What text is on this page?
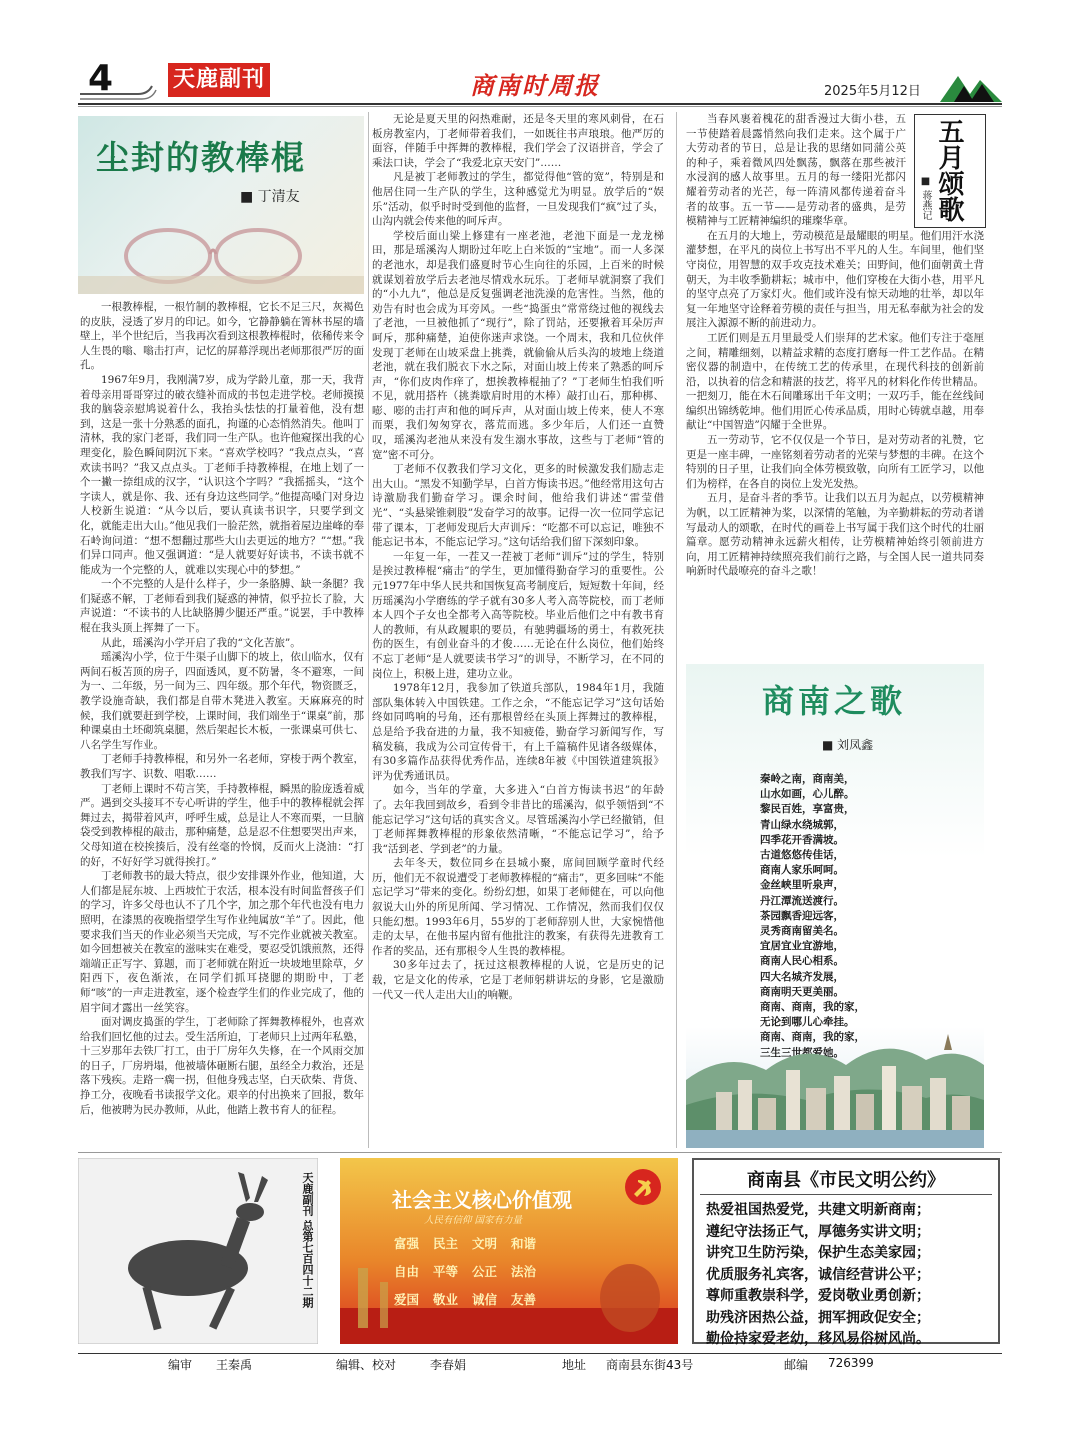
4	天鹿副刊	商南时周报	2025年5月12日
尘封的教棒棍
■ 丁清友

一根教棒棍，一根竹制的教棒棍，它长不足三尺，灰褐色的皮肤，浸透了岁月的印记。如今，它静静躺在箐林书屋的墙壁上，半个世纪后，当我再次看到这根教棒棍时，依稀传来令人生畏的嗡、嗡击打声，记忆的屏幕浮现出老师那很严厉的面孔。

1967年9月，我刚满7岁，成为学龄儿童，那一天，我背着母亲用哥哥穿过的破衣缝补而成的书包走进学校。老师摸摸我的脑袋亲慰鸠说着什么，我抬头怯怯的打量着他，没有想到，这是一张十分熟悉的面孔，拘谨的心态悄然消失。他叫丁清林，我的家门老哥，我们同一生产队。也许他窥探出我的心理变化，脸色瞬间阴沉下来。“喜欢学校吗？”我点点头，“喜欢读书吗？”我又点点头。丁老师手持教棒棍，在地上划了一个一撇一捺组成的汉字，“认识这个字吗？”我摇摇头，“这个字读人，就是你、我、还有身边这些同学。”他提高嗓门对身边人校新生说道：“从今以后，要认真读书识字，只要学到文化，就能走出大山。”他见我们一脸茫然，就指着屋边崖峰的奉石岭询问道：“想不想翻过那些大山去更远的地方？”“想。”我们异口同声。他又强调道：“是人就要好好读书，不读书就不能成为一个完整的人，就难以实现心中的梦想。”

一个不完整的人是什么样子，少一条胳膊、缺一条腿？我们疑惑不解，丁老师看到我们疑惑的神情，似乎拉长了脸，大声说道：“不读书的人比缺胳膊少腿还严重。”说罢，手中教棒棍在我头顶上挥舞了一下。

从此，瑶溪沟小学开启了我的“文化苦旅”。

瑶溪沟小学，位于牛渠子山脚下的坡上，依山临水，仅有两间石板苫顶的房子，四面透风，夏不防暑，冬不避寒，一间为一、二年级，另一间为三、四年级。那个年代，物资匮乏，教学设施奇缺，我们都是自带木凳进入教室。天麻麻亮的时候，我们就要赶到学校，上课时间，我们端坐于“课桌”前，那种课桌由土坯砌筑桌腿，然后架起长木板，一张课桌可供七、八名学生写作业。

丁老师手持教棒棍，和另外一名老师，穿梭于两个教室，教我们写字、识数、唱歌……

丁老师上课时不苟言笑，手持教棒棍，瞬黑的脸庞透着威严。遇到交头接耳不专心听讲的学生，他手中的教棒棍就会挥舞过去，揭带着风声，呼呼生威，总是让人不寒而栗，一旦脑袋受到教棒棍的敲击，那种痛楚，总是忍不住想要哭出声来，父母知道在校挨揍后，没有丝毫的怜悯，反而火上浇油：“打的好，不好好学习就得挨打。”

丁老师教书的最大特点，很少安排课外作业，他知道，大人们都是屁东坡、上西坡忙于农活，根本没有时间监督孩子们的学习，许多父母也认不了几个字，加之那个年代也没有电力照明，在漆黑的夜晚指望学生写作业纯属放“羊”了。因此，他要求我们当天的作业必须当天完成，写不完作业就被关教室。如今回想被关在教室的滋味实在难受，要忍受饥饿煎熬，还得端端正正写字、算题，而丁老师就在附近一块坡地里除草，夕阳西下，夜色渐浓，在同学们抓耳挠腮的期盼中，丁老师“咳”的一声走进教室，逐个检查学生们的作业完成了，他的眉宇间才露出一丝笑容。

面对调皮捣蛋的学生，丁老师除了挥舞教棒棍外，也喜欢给我们回忆他的过去。受生活所迫，丁老师只上过两年私塾，十三岁那年去铁厂打工，由于厂房年久失修，在一个风雨交加的日子，厂房坍塌，他被墙体砸断右腿，虽经全力救治，还是落下残疾。走路一瘸一拐，但他身残志坚，白天砍柴、背货、挣工分，夜晚看书读报学文化。艰辛的付出换来了回报，数年后，他被聘为民办教师，从此，他踏上教书育人的征程。

无论是夏天里的闷热难耐，还是冬天里的寒风刺骨，在石板房教室内，丁老师带着我们，一如既往书声琅琅。他严厉的面容，伴随手中挥舞的教棒棍，我们学会了汉语拼音，学会了乘法口诀，学会了“我爱北京天安门”……

凡是被丁老师教过的学生，都觉得他“管的宽”，特别是和他居住同一生产队的学生，这种感觉尤为明显。放学后的“娱乐”活动，似乎时时受到他的监督，一旦发现我们“疯”过了头，山沟内就会传来他的呵斥声。

学校后面山梁上修建有一座老池，老池下面是一龙龙梯田，那是瑶溪沟人期盼过年吃上白米饭的“宝地”。而一人多深的老池水，却是我们盛夏时节心生向往的乐园，上百米的时候就谋划着放学后去老池尽情戏水玩乐。丁老师早就洞察了我们的“小九九”，他总是反复强调老池洗澡的危害性。当然，他的劝告有时也会成为耳旁风。一些“捣蛋虫”常常绕过他的视线去了老池，一旦被他抓了“现行”，除了罚站，还要揪着耳朵厉声呵斥，那种痛楚，迫使你迷声求饶。一个周末，我和几位伙伴发现丁老师在山坡采盘上挑粪，就偷偷从后头沟的坡地上绕道老池，就在我们脱衣下水之际，对面山坡上传来了熟悉的呵斥声，“你们皮肉作痒了，想挨教棒棍抽了？”丁老师生怕我们听不见，就用搭杵（挑粪歇肩时用的木棒）敲打山石，那种梆、嘭、嘭的击打声和他的呵斥声，从对面山坡上传来，使人不寒而栗，我们匆匆穿衣，落荒而逃。多少年后，人们还一直赞叹，瑶溪沟老池从来没有发生溺水事故，这些与丁老师“管的宽”密不可分。

丁老师不仅教我们学习文化，更多的时候激发我们励志走出大山。“黑发不知勤学早，白首方悔读书迟。”他经常用这句古诗激励我们勤奋学习。课余时间，他给我们讲述“雷莹借光”、“头悬梁锥刺股”发奋学习的故事。记得一次一位同学忘记带了课本，丁老师发现后大声训斥：“吃都不可以忘记，唯独不能忘记书本，不能忘记学习。”这句话给我们留下深刻印象。

一年复一年，一茬又一茬被丁老师“训斥”过的学生，特别是挨过教棒棍“痛击”的学生，更加懂得勤奋学习的重要性。公元1977年中华人民共和国恢复高考制度后，短短数十年间，经历瑶溪沟小学磨练的学子就有30多人考入高等院校，而丁老师本人四个子女也全都考入高等院校。毕业后他们之中有教书育人的教师，有从政履职的要员，有驰骋疆场的勇士，有救死扶伤的医生，有创业奋斗的才俊……无论在什么岗位，他们始终不忘丁老师“是人就要读书学习”的训导，不断学习，在不同的岗位上，积极上进，建功立业。

1978年12月，我参加了铁道兵部队，1984年1月，我随部队集体转入中国铁建。工作之余，“不能忘记学习”这句话始终如同鸣响的号角，还有那根曾经在头顶上挥舞过的教棒棍，总是给予我奋进的力量，我不知疲倦，勤奋学习新闻写作，写稿发稿，我成为公司宣传骨干，有上千篇稿件见诸各级媒体，有30多篇作品获得优秀作品，连续8年被《中国铁道建筑报》评为优秀通讯员。

如今，当年的学童，大多进入“白首方悔读书迟”的年龄了。去年我回到故乡，看到令非昔比的瑶溪沟，似乎领悟到“不能忘记学习”这句话的真实含义。尽管瑶溪沟小学已经撤销，但丁老师挥舞教棒棍的形象依然清晰，“不能忘记学习”，给予我“活到老、学到老”的力量。

去年冬天，数位同乡在县城小聚，席间回顾学童时代经历，他们无不叙说遭受丁老师教棒棍的“痛击”，更多回味“不能忘记学习”带来的变化。纷纷幻想，如果丁老师健在，可以向他叙说大山外的所见所闻、学习情况、工作情况，然而我们仅仅只能幻想。1993年6月，55岁的丁老师辞别人世，大家惋惜他走的太早，在他书屋内留有他批注的教案，有获得先进教育工作者的奖品，还有那根令人生畏的教棒棍。

30多年过去了，抚过这根教棒棍的人说，它是历史的记载，它是文化的传承，它是丁老师躬耕讲坛的身影，它是激励一代又一代人走出大山的响鞭。

当春风裹着槐花的甜香漫过大街小巷，五一节使踏着晨露悄然向我们走来。这个属于广大劳动者的节日，总是让我的思绪如同蒲公英的种子，乘着微风四处飘荡，飘落在那些被汗水浸润的感人故事里。五月的每一缕阳光都闪耀着劳动者的光芒，每一阵清风都传递着奋斗者的故事。五一节——是劳动者的盛典，是劳模精神与工匠精神编织的璀璨华章。

在五月的大地上，劳动模范是最耀眼的明星。他们用汗水浇灌梦想，在平凡的岗位上书写出不平凡的人生。车间里，他们坚守岗位，用智慧的双手攻克技术难关；田野间，他们面朝黄土背朝天，为丰收季勤耕耘；城市中，他们穿梭在大街小巷，用平凡的坚守点亮了万家灯火。他们或许没有惊天动地的壮举，却以年复一年地坚守诠释着劳模的责任与担当，用无私奉献为社会的发展注入源源不断的前进动力。

工匠们则是五月里最受人们崇拜的艺术家。他们专注于毫厘之间，精雕细刻，以精益求精的态度打磨每一件工艺作品。在精密仪器的制造中，在传统工艺的传承里，在现代科技的创新前沿，以执着的信念和精湛的技艺，将平凡的材料化作传世精品。一把刻刀，能在木石间雕琢出千年文明；一双巧手，能在丝线间编织出锦绣乾坤。他们用匠心传承品质，用时心铸就卓越，用奉献让“中国智造”闪耀于全世界。

五一劳动节，它不仅仅是一个节日，是对劳动者的礼赞，它更是一座丰碑，一座铭刻着劳动者的光荣与梦想的丰碑。在这个特别的日子里，让我们向全体劳模致敬，向所有工匠学习，以他们为榜样，在各自的岗位上发光发热。

五月，是奋斗者的季节。让我们以五月为起点，以劳模精神为帆，以工匠精神为桨，以深情的笔触，为辛勤耕耘的劳动者谱写最动人的颂歌，在时代的画卷上书写属于我们这个时代的壮丽篇章。愿劳动精神永远薪火相传，让劳模精神始终引领前进方向，用工匠精神持续照亮我们前行之路，与全国人民一道共同奏响新时代最嘹亮的奋斗之歌！

五月颂歌
■ 蒋燕记
商南之歌
■ 刘凤鑫
秦岭之南，商南美，
山水如画，心儿醉。
黎民百姓，享富贵，
青山绿水绕城郭，
四季花开香满坡。
古道悠悠传佳话，
商南人家乐呵呵。
金丝峡里听泉声，
丹江潭流送渡行。
茶园飘香迎远客，
灵秀商南留美名。
宜居宜业宜游地，
商南人民心相系。
四大名城齐发展，
商南明天更美丽。
商南、商南，我的家，
无论到哪儿心牵挂。
商南、商南，我的家，
三生三世都爱她。
天鹿副刊 总第七百四十二期	社会主义核心价值观
人民有信仰 国家有力量
富强 民主 文明 和谐
自由 平等 公正 法治
爱国 敬业 诚信 友善
商南县《市民文明公约》
热爱祖国热爱党，共建文明新商南；
遵纪守法扬正气，厚德务实讲文明；
讲究卫生防污染，保护生态美家园；
优质服务礼宾客，诚信经营讲公平；
尊师重教崇科学，爱岗敬业勇创新；
助残济困热公益，拥军拥政促安全；
勤俭持家爱老幼，移风易俗树风尚。
编审 王秦禹	编辑、校对	李春娟	地址 商南县东街43号	邮编 726399
